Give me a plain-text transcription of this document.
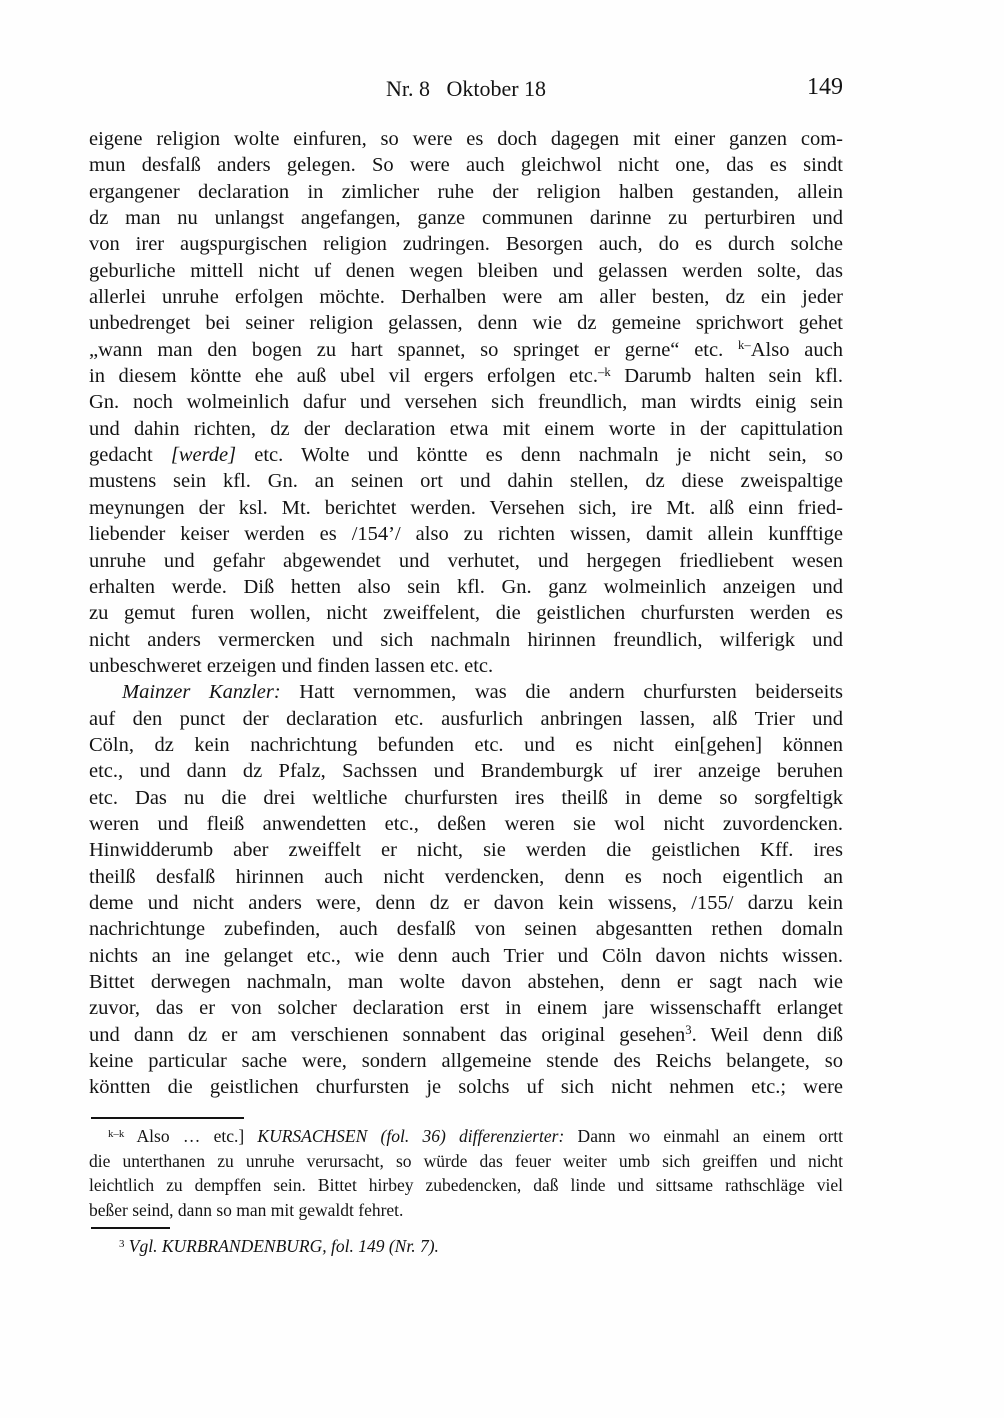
Nr. 8   Oktober 18	149
eigene religion wolte einfuren, so were es doch dagegen mit einer ganzen com-
mun desfalß anders gelegen. So were auch gleichwol nicht one, das es sindt
ergangener declaration in zimlicher ruhe der religion halben gestanden, allein
dz man nu unlangst angefangen, ganze communen darinne zu perturbiren und
von irer augspurgischen religion zudringen. Besorgen auch, do es durch solche
geburliche mittell nicht uf denen wegen bleiben und gelassen werden solte, das
allerlei unruhe erfolgen möchte. Derhalben were am aller besten, dz ein jeder
unbedrenget bei seiner religion gelassen, denn wie dz gemeine sprichwort gehet
„wann man den bogen zu hart spannet, so springet er gerne“ etc. $^{k-}$Also auch
in diesem köntte ehe auß ubel vil ergers erfolgen etc.$^{-k}$ Darumb halten sein kfl.
Gn. noch wolmeinlich dafur und versehen sich freundlich, man wirdts einig sein
und dahin richten, dz der declaration etwa mit einem worte in der capittulation
gedacht [werde] etc. Wolte und köntte es denn nachmaln je nicht sein, so
mustens sein kfl. Gn. an seinen ort und dahin stellen, dz diese zweispaltige
meynungen der ksl. Mt. berichtet werden. Versehen sich, ire Mt. alß einn fried-
liebender keiser werden es /154’/ also zu richten wissen, damit allein kunfftige
unruhe und gefahr abgewendet und verhutet, und hergegen friedliebent wesen
erhalten werde. Diß hetten also sein kfl. Gn. ganz wolmeinlich anzeigen und
zu gemut furen wollen, nicht zweiffelent, die geistlichen churfursten werden es
nicht anders vermercken und sich nachmaln hirinnen freundlich, wilferigk und
unbeschweret erzeigen und finden lassen etc. etc.
Mainzer Kanzler: Hatt vernommen, was die andern churfursten beiderseits
auf den punct der declaration etc. ausfurlich anbringen lassen, alß Trier und
Cöln, dz kein nachrichtung befunden etc. und es nicht ein[gehen] können
etc., und dann dz Pfalz, Sachssen und Brandemburgk uf irer anzeige beruhen
etc. Das nu die drei weltliche churfursten ires theilß in deme so sorgfeltigk
weren und fleiß anwendetten etc., deßen weren sie wol nicht zuvordencken.
Hinwidderumb aber zweiffelt er nicht, sie werden die geistlichen Kff. ires
theilß desfalß hirinnen auch nicht verdencken, denn es noch eigentlich an
deme und nicht anders were, denn dz er davon kein wissens, /155/ darzu kein
nachrichtunge zubefinden, auch desfalß von seinen abgesantten rethen domaln
nichts an ine gelanget etc., wie denn auch Trier und Cöln davon nichts wissen.
Bittet derwegen nachmaln, man wolte davon abstehen, denn er sagt nach wie
zuvor, das er von solcher declaration erst in einem jare wissenschafft erlanget
und dann dz er am verschienen sonnabent das original gesehen$^3$. Weil denn diß
keine particular sache were, sondern allgemeine stende des Reichs belangete, so
köntten die geistlichen churfursten je solchs uf sich nicht nehmen etc.; were
$^{k-k}$ Also … etc.] KURSACHSEN (fol. 36) differenzierter: Dann wo einmahl an einem ortt
die unterthanen zu unruhe verursacht, so würde das feuer weiter umb sich greiffen und nicht
leichtlich zu dempffen sein. Bittet hirbey zubedencken, daß linde und sittsame rathschläge viel
beßer seind, dann so man mit gewaldt fehret.
$^3$ Vgl. KURBRANDENBURG, fol. 149 (Nr. 7).
